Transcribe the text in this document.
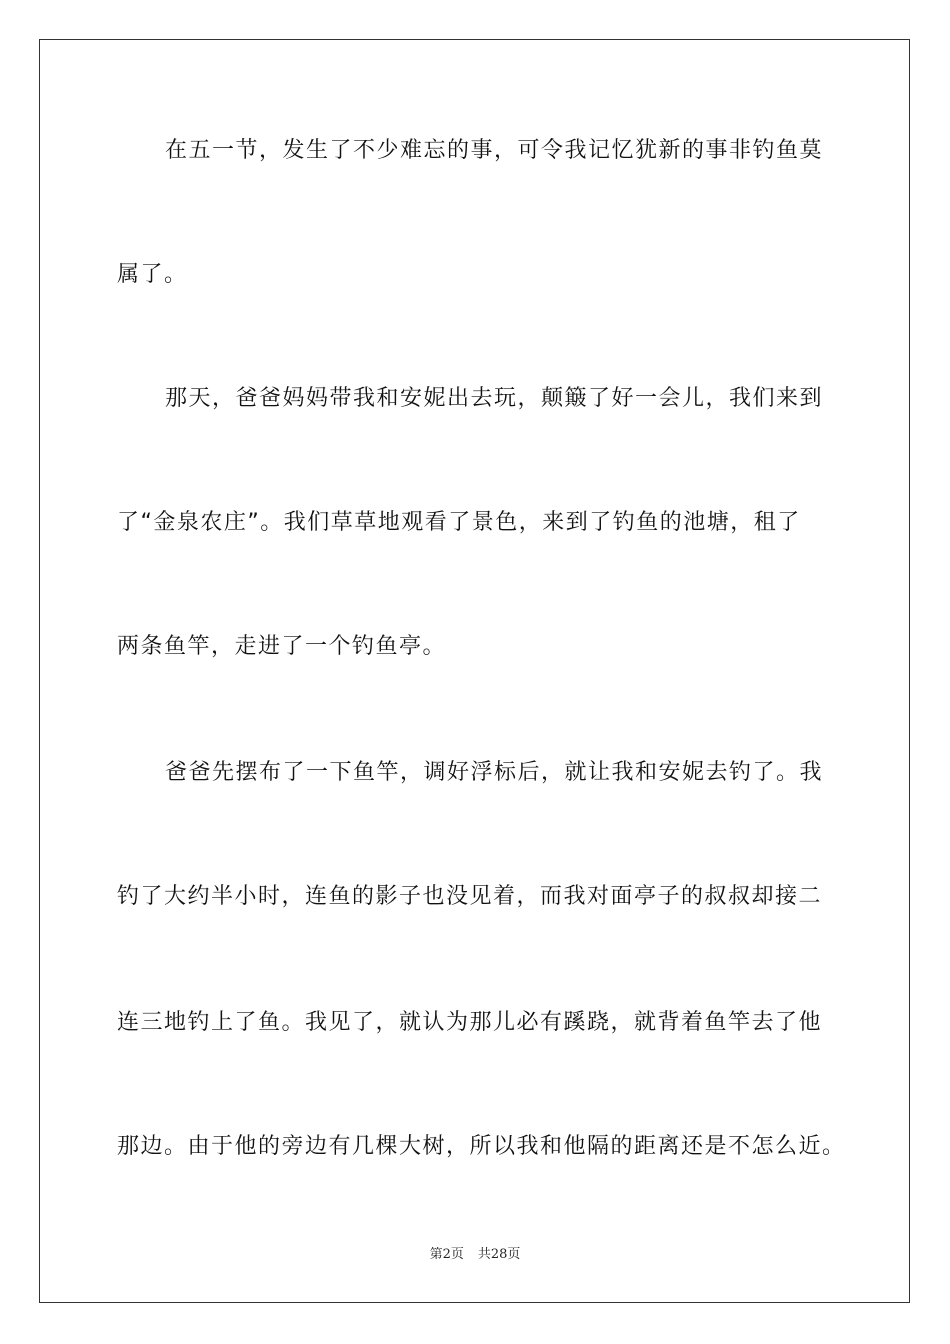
在五一节，发生了不少难忘的事，可令我记忆犹新的事非钓鱼莫
属了。
那天，爸爸妈妈带我和安妮出去玩，颠簸了好一会儿，我们来到
了“金泉农庄”。我们草草地观看了景色，来到了钓鱼的池塘，租了
两条鱼竿，走进了一个钓鱼亭。
爸爸先摆布了一下鱼竿，调好浮标后，就让我和安妮去钓了。我
钓了大约半小时，连鱼的影子也没见着，而我对面亭子的叔叔却接二
连三地钓上了鱼。我见了，就认为那儿必有蹊跷，就背着鱼竿去了他
那边。由于他的旁边有几棵大树，所以我和他隔的距离还是不怎么近。
第2页 共28页
